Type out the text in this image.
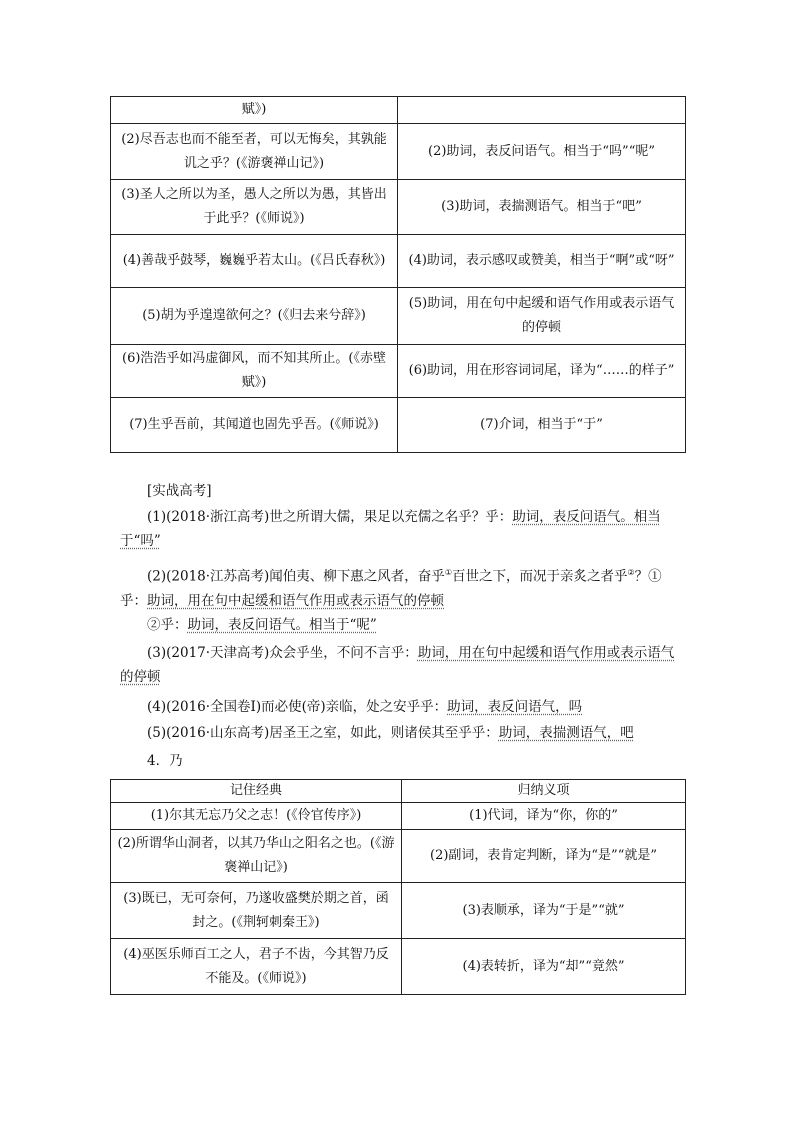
赋》)	
(2)尽吾志也而不能至者，可以无悔矣，其孰能讥之乎？(《游褒禅山记》)	(2)助词，表反问语气。相当于“吗”“呢”
(3)圣人之所以为圣，愚人之所以为愚，其皆出于此乎？(《师说》)	(3)助词，表揣测语气。相当于“吧”
(4)善哉乎鼓琴，巍巍乎若太山。(《吕氏春秋》)	(4)助词，表示感叹或赞美，相当于“啊”或“呀”
(5)胡为乎遑遑欲何之？(《归去来兮辞》)	(5)助词，用在句中起缓和语气作用或表示语气的停顿
(6)浩浩乎如冯虚御风，而不知其所止。(《赤壁赋》)	(6)助词，用在形容词词尾，译为“……的样子”
(7)生乎吾前，其闻道也固先乎吾。(《师说》)	(7)介词，相当于“于”
[实战高考]
(1)(2018·浙江高考)世之所谓大儒，果足以充儒之名乎？乎：助词，表反问语气。相当于“吗”
(2)(2018·江苏高考)闻伯夷、柳下惠之风者，奋乎①百世之下，而况于亲炙之者乎②？①乎：助词，用在句中起缓和语气作用或表示语气的停顿
②乎：助词，表反问语气。相当于“呢”
(3)(2017·天津高考)众会乎坐，不问不言乎：助词，用在句中起缓和语气作用或表示语气的停顿
(4)(2016·全国卷Ⅰ)而必使(帝)亲临，处之安乎乎：助词，表反问语气，吗
(5)(2016·山东高考)居圣王之室，如此，则诸侯其至乎乎：助词，表揣测语气，吧
4．乃
记住经典	归纳义项
(1)尔其无忘乃父之志！(《伶官传序》)	(1)代词，译为“你，你的”
(2)所谓华山洞者，以其乃华山之阳名之也。(《游褒禅山记》)	(2)副词，表肯定判断，译为“是”“就是”
(3)既已，无可奈何，乃遂收盛樊於期之首，函封之。(《荆轲刺秦王》)	(3)表顺承，译为“于是”“就”
(4)巫医乐师百工之人，君子不齿，今其智乃反不能及。(《师说》)	(4)表转折，译为“却”“竟然”
